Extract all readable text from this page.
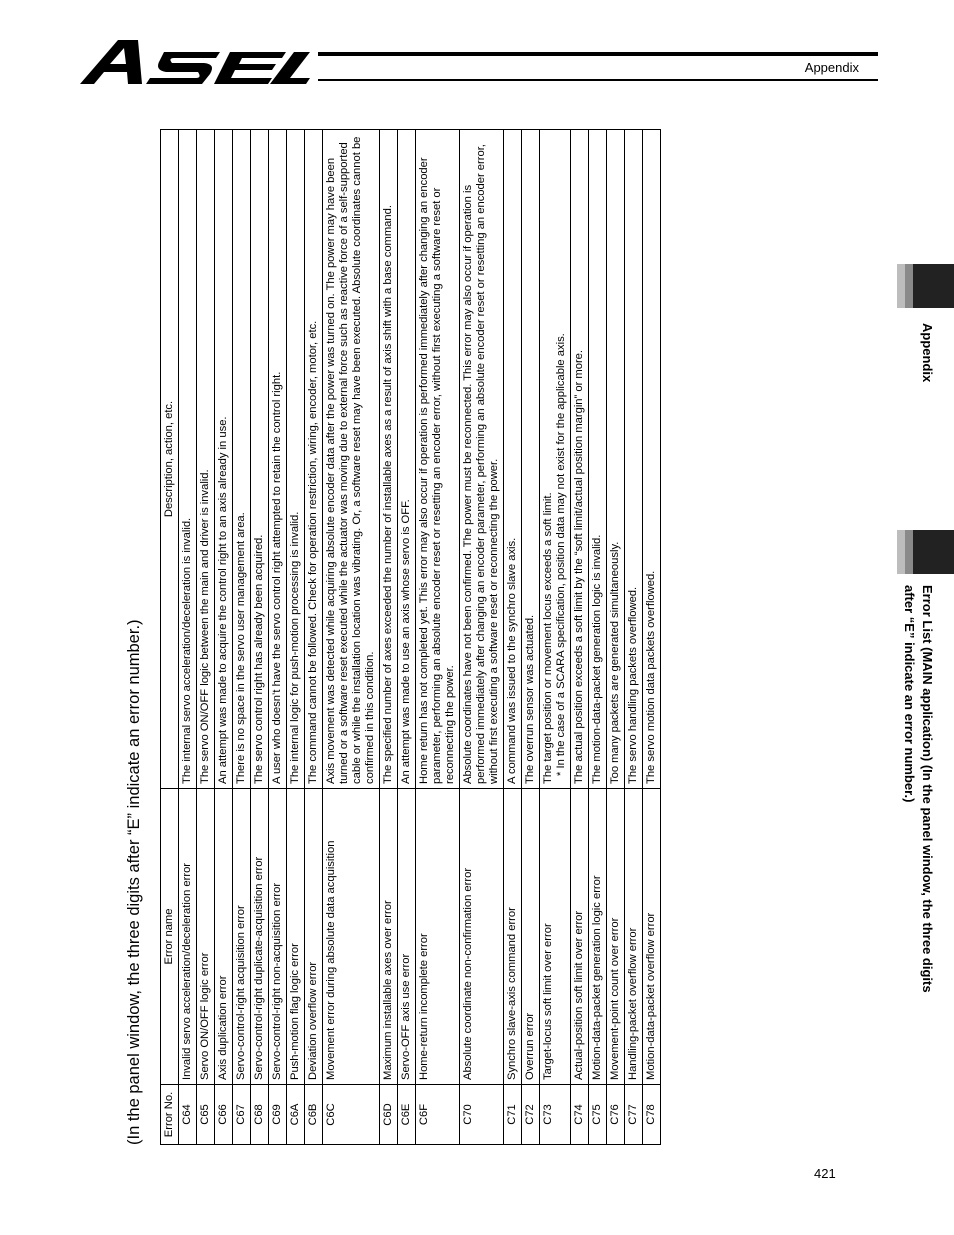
Appendix
Appendix
Error List (MAIN application) (In the panel window, the three digits after “E” indicate an error number.)
(In the panel window, the three digits after “E” indicate an error number.) Error No.	Error name	Description, action, etc.
C64	Invalid servo acceleration/deceleration error	The internal servo acceleration/deceleration is invalid.

C65	Servo ON/OFF logic error	The servo ON/OFF logic between the main and driver is invalid.

C66	Axis duplication error	An attempt was made to acquire the control right to an axis already in use.

C67	Servo-control-right acquisition error	There is no space in the servo user management area.

C68	Servo-control-right duplicate-acquisition error	The servo control right has already been acquired.

C69	Servo-control-right non-acquisition error	A user who doesn’t have the servo control right attempted to retain the control right.

C6A	Push-motion flag logic error	The internal logic for push-motion processing is invalid.

C6B	Deviation overflow error	The command cannot be followed. Check for operation restriction, wiring, encoder, motor, etc.

C6C	Movement error during absolute data acquisition	Axis movement was detected while acquiring absolute encoder data after the power was turned on. The power may have been turned or a software reset executed while the actuator was moving due to external force such as reactive force of a self-supported cable or while the installation location was vibrating. Or, a software reset may have been executed. Absolute coordinates cannot be confirmed in this condition.

C6D	Maximum installable axes over error	The specified number of axes exceeded the number of installable axes as a result of axis shift with a base command.

C6E	Servo-OFF axis use error	An attempt was made to use an axis whose servo is OFF.

C6F	Home-return incomplete error	Home return has not completed yet. This error may also occur if operation is performed immediately after changing an encoder parameter, performing an absolute encoder reset or resetting an encoder error, without first executing a software reset or reconnecting the power.

C70	Absolute coordinate non-confirmation error	Absolute coordinates have not been confirmed. The power must be reconnected. This error may also occur if operation is performed immediately after changing an encoder parameter, performing an absolute encoder reset or resetting an encoder error, without first executing a software reset or reconnecting the power.

C71	Synchro slave-axis command error	A command was issued to the synchro slave axis.

C72	Overrun error	The overrun sensor was actuated.

C73	Target-locus soft limit over error	The target position or movement locus exceeds a soft limit. * In the case of a SCARA specification, position data may not exist for the applicable axis.

C74	Actual-position soft limit over error	The actual position exceeds a soft limit by the “soft limit/actual position margin” or more.

C75	Motion-data-packet generation logic error	The motion-data-packet generation logic is invalid.

C76	Movement-point count over error	Too many packets are generated simultaneously.

C77	Handling-packet overflow error	The servo handling packets overflowed.

C78	Motion-data-packet overflow error	The servo motion data packets overflowed.
421
